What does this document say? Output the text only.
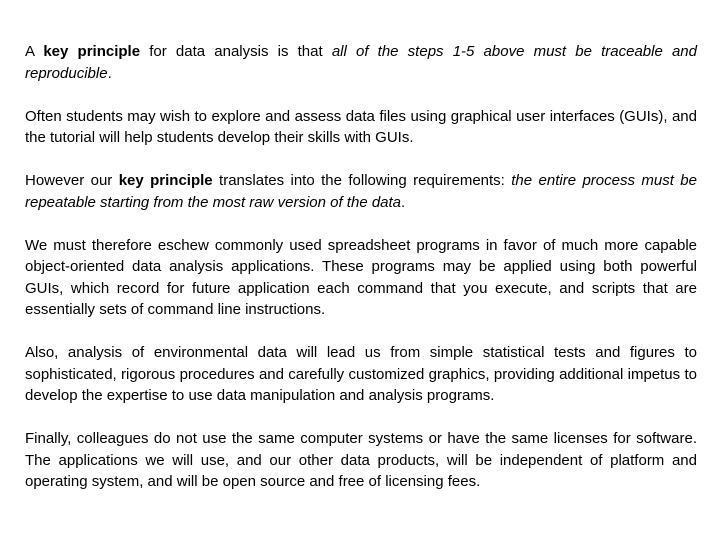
A key principle for data analysis is that all of the steps 1-5 above must be traceable and reproducible.

Often students may wish to explore and assess data files using graphical user interfaces (GUIs), and the tutorial will help students develop their skills with GUIs.

However our key principle translates into the following requirements: the entire process must be repeatable starting from the most raw version of the data.

We must therefore eschew commonly used spreadsheet programs in favor of much more capable object-oriented data analysis applications. These programs may be applied using both powerful GUIs, which record for future application each command that you execute, and scripts that are essentially sets of command line instructions.

Also, analysis of environmental data will lead us from simple statistical tests and figures to sophisticated, rigorous procedures and carefully customized graphics, providing additional impetus to develop the expertise to use data manipulation and analysis programs.

Finally, colleagues do not use the same computer systems or have the same licenses for software. The applications we will use, and our other data products, will be independent of platform and operating system, and will be open source and free of licensing fees.
